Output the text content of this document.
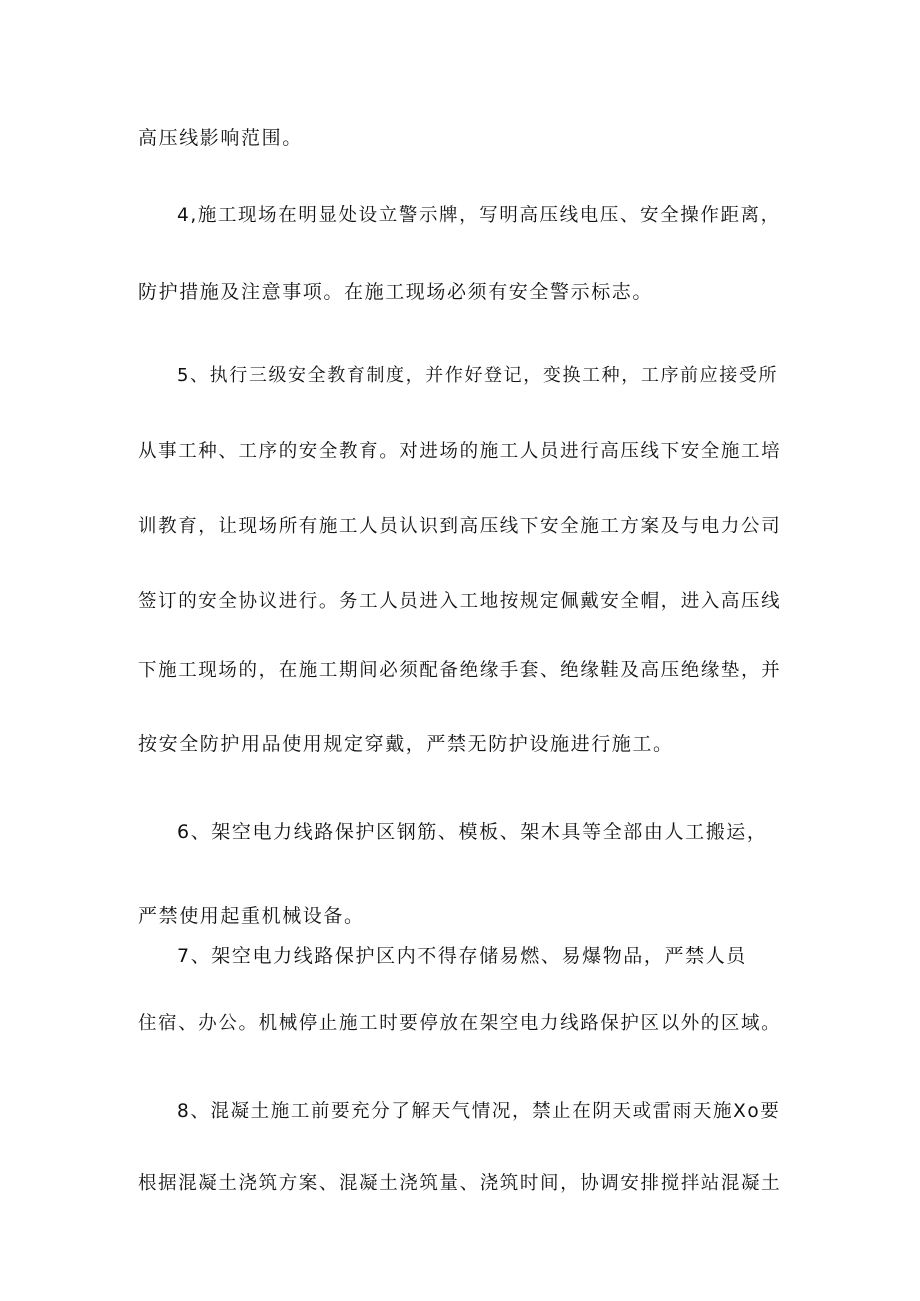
高压线影响范围。
4,施工现场在明显处设立警示牌，写明高压线电压、安全操作距离，
防护措施及注意事项。在施工现场必须有安全警示标志。
5、执行三级安全教育制度，并作好登记，变换工种，工序前应接受所
从事工种、工序的安全教育。对进场的施工人员进行高压线下安全施工培
训教育，让现场所有施工人员认识到高压线下安全施工方案及与电力公司
签订的安全协议进行。务工人员进入工地按规定佩戴安全帽，进入高压线
下施工现场的，在施工期间必须配备绝缘手套、绝缘鞋及高压绝缘垫，并
按安全防护用品使用规定穿戴，严禁无防护设施进行施工。
6、架空电力线路保护区钢筋、模板、架木具等全部由人工搬运，
严禁使用起重机械设备。
7、架空电力线路保护区内不得存储易燃、易爆物品，严禁人员
住宿、办公。机械停止施工时要停放在架空电力线路保护区以外的区域。
8、混凝土施工前要充分了解天气情况，禁止在阴天或雷雨天施Xo要
根据混凝土浇筑方案、混凝土浇筑量、浇筑时间，协调安排搅拌站混凝土
